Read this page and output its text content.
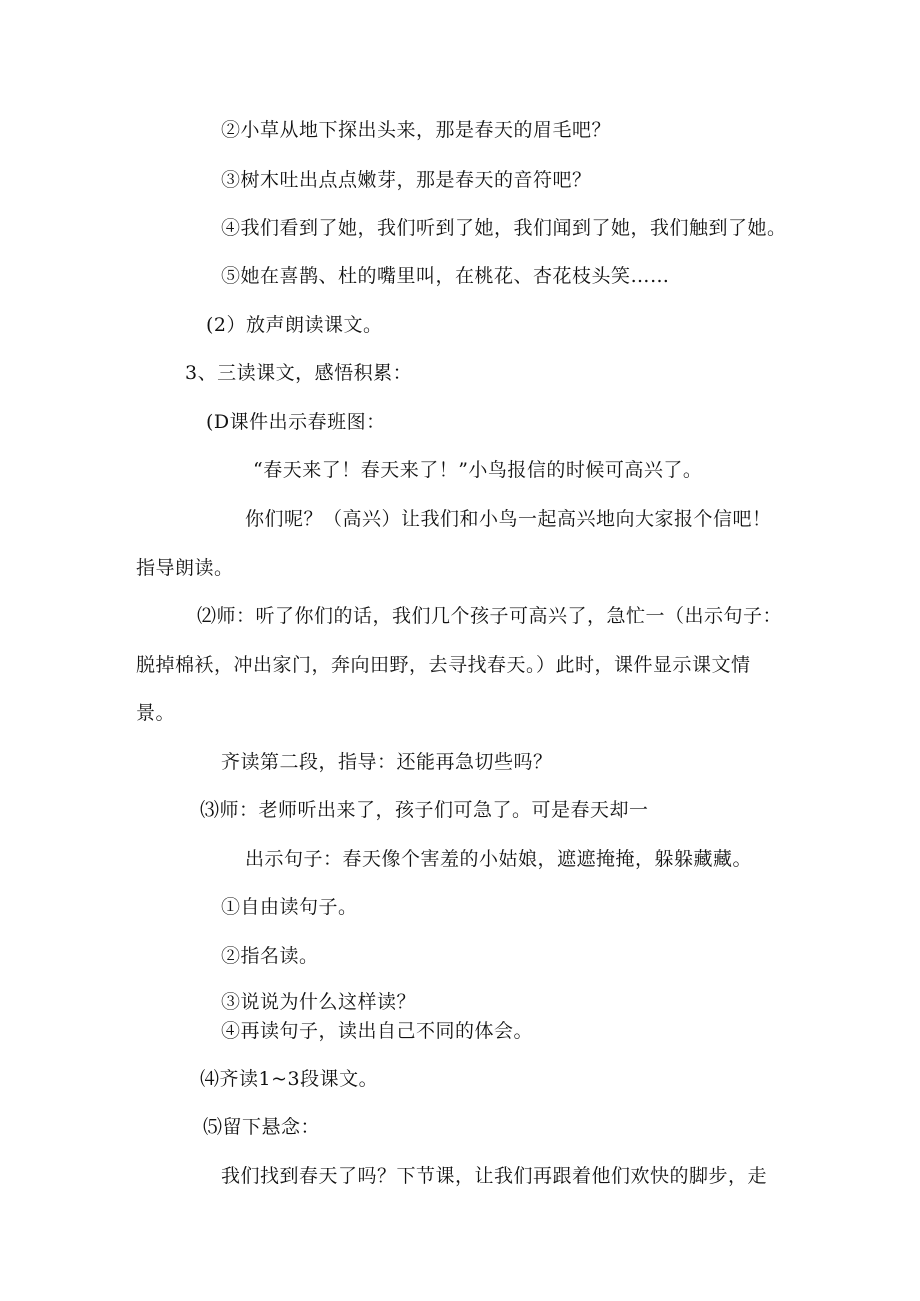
②小草从地下探出头来，那是春天的眉毛吧？
③树木吐出点点嫩芽，那是春天的音符吧？
④我们看到了她，我们听到了她，我们闻到了她，我们触到了她。
⑤她在喜鹊、杜的嘴里叫，在桃花、杏花枝头笑……
(2）放声朗读课文。
3、三读课文，感悟积累：
(D课件出示春班图：
“春天来了！春天来了！”小鸟报信的时候可高兴了。
你们呢？（高兴）让我们和小鸟一起高兴地向大家报个信吧！
指导朗读。
⑵师：听了你们的话，我们几个孩子可高兴了，急忙一（出示句子：
脱掉棉袄，冲出家门，奔向田野，去寻找春天。）此时，课件显示课文情
景。
齐读第二段，指导：还能再急切些吗？
⑶师：老师听出来了，孩子们可急了。可是春天却一
出示句子：春天像个害羞的小姑娘，遮遮掩掩，躲躲藏藏。
①自由读句子。
②指名读。
③说说为什么这样读？
④再读句子，读出自己不同的体会。
⑷齐读1~3段课文。
⑸留下悬念：
我们找到春天了吗？下节课，让我们再跟着他们欢快的脚步，走
